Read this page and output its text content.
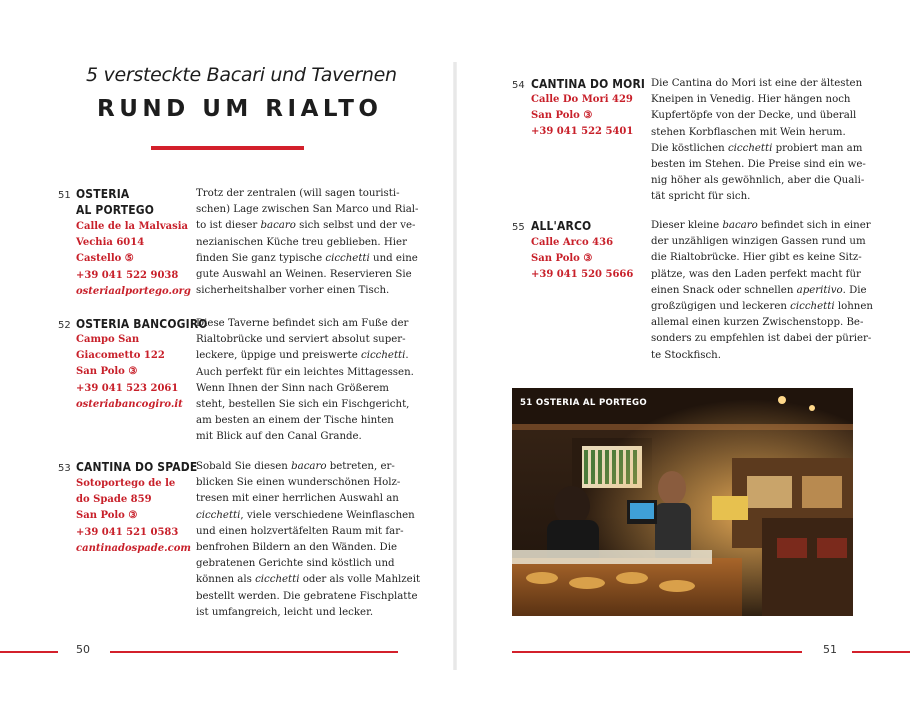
5 versteckte Bacari und Tavernen
RUND UM RIALTO
51 OSTERIA
AL PORTEGO
Calle de la Malvasia
Vechia 6014
Castello ⑤
+39 041 522 9038
osteriaalportego.org
Trotz der zentralen (will sagen touristi-
schen) Lage zwischen San Marco und Rial-
to ist dieser bacaro sich selbst und der ve-
nezianischen Küche treu geblieben. Hier
finden Sie ganz typische cicchetti und eine
gute Auswahl an Weinen. Reservieren Sie
sicherheitshalber vorher einen Tisch.
52 OSTERIA BANCOGIRO
Campo San
Giacometto 122
San Polo ③
+39 041 523 2061
osteriabancogiro.it
Diese Taverne befindet sich am Fuße der
Rialtobrücke und serviert absolut super-
leckere, üppige und preiswerte cicchetti.
Auch perfekt für ein leichtes Mittagessen.
Wenn Ihnen der Sinn nach Größerem
steht, bestellen Sie sich ein Fischgericht,
am besten an einem der Tische hinten
mit Blick auf den Canal Grande.
53 CANTINA DO SPADE
Sotoportego de le
do Spade 859
San Polo ③
+39 041 521 0583
cantinadospade.com
Sobald Sie diesen bacaro betreten, er-
blicken Sie einen wunderschönen Holz-
tresen mit einer herrlichen Auswahl an
cicchetti, viele verschiedene Weinflaschen
und einen holzvertäfelten Raum mit far-
benfrohen Bildern an den Wänden. Die
gebratenen Gerichte sind köstlich und
können als cicchetti oder als volle Mahlzeit
bestellt werden. Die gebratene Fischplatte
ist umfangreich, leicht und lecker.
54 CANTINA DO MORI
Calle Do Mori 429
San Polo ③
+39 041 522 5401
Die Cantina do Mori ist eine der ältesten
Kneipen in Venedig. Hier hängen noch
Kupfertöpfe von der Decke, und überall
stehen Korbflaschen mit Wein herum.
Die köstlichen cicchetti probiert man am
besten im Stehen. Die Preise sind ein we-
nig höher als gewöhnlich, aber die Quali-
tät spricht für sich.
55 ALL'ARCO
Calle Arco 436
San Polo ③
+39 041 520 5666
Dieser kleine bacaro befindet sich in einer
der unzähligen winzigen Gassen rund um
die Rialtobrücke. Hier gibt es keine Sitz-
plätze, was den Laden perfekt macht für
einen Snack oder schnellen aperitivo. Die
großzügigen und leckeren cicchetti lohnen
allemal einen kurzen Zwischenstopp. Be-
sonders zu empfehlen ist dabei der pürier-
te Stockfisch.
51 OSTERIA AL PORTEGO
50	51
